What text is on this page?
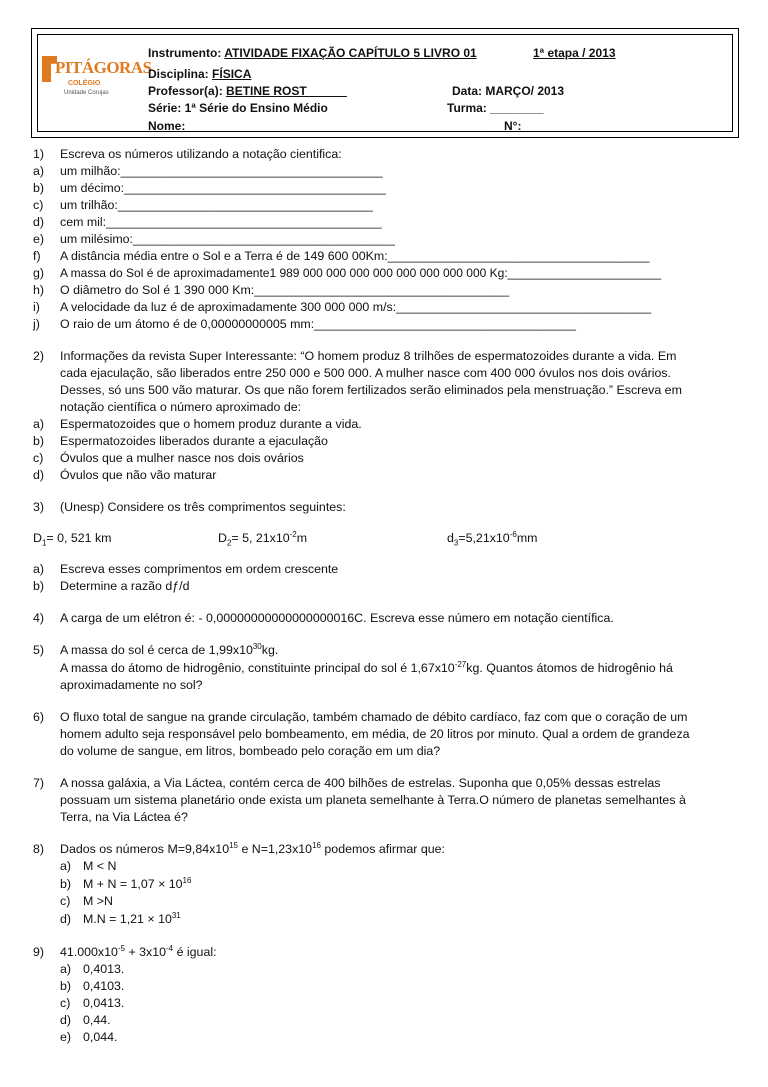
PITÁGORAS
COLÉGIO
Unidade Corujas
Instrumento: ATIVIDADE FIXAÇÃO CAPÍTULO 5 LIVRO 01	1ª etapa / 2013
Disciplina: FÍSICA
Professor(a): BETINE ROST______	Data: MARÇO/ 2013
Série: 1ª Série do Ensino Médio	Turma: ________
Nome: ____________________________________________ N°: ___________
1) Escreva os números utilizando a notação cientifica:
a) um milhão:______________________________________
b) um décimo:______________________________________
c) um trilhão:_____________________________________
d) cem mil:________________________________________
e) um milésimo:______________________________________
f) A distância média entre o Sol e a Terra é de 149 600 00Km:______________________________________
g) A massa do Sol é de aproximadamente1 989 000 000 000 000 000 000 000 000 Kg:_______________________
h) O diâmetro do Sol é 1 390 000 Km:_____________________________________
i) A velocidade da luz é de aproximadamente 300 000 000 m/s:_____________________________________
j) O raio de um átomo é de 0,00000000005 mm:______________________________________
2) Informações da revista Super Interessante: “O homem produz 8 trilhões de espermatozoides durante a vida. Em
cada ejaculação, são liberados entre 250 000 e 500 000. A mulher nasce com 400 000 óvulos nos dois ovários.
Desses, só uns 500 vão maturar. Os que não forem fertilizados serão eliminados pela menstruação.” Escreva em
notação científica o número aproximado de:
a) Espermatozoides que o homem produz durante a vida.
b) Espermatozoides liberados durante a ejaculação
c) Óvulos que a mulher nasce nos dois ovários
d) Óvulos que não vão maturar
3) (Unesp) Considere os três comprimentos seguintes:
$D_1= 0$, 521 km	$D_2= 5$, $21x10^{-2}m$	$d_3=5,21x10^{-6}mm$
a) Escreva esses comprimentos em ordem crescente
b) Determine a razão dƒ/d
4) A carga de um elétron é: - 0,00000000000000000016C. Escreva esse número em notação científica.
5) A massa do sol é cerca de $1,99x10^{30}kg$.
A massa do átomo de hidrogênio, constituinte principal do sol é $1,67x10^{-27}kg$. Quantos átomos de hidrogênio há
aproximadamente no sol?
6) O fluxo total de sangue na grande circulação, também chamado de débito cardíaco, faz com que o coração de um
homem adulto seja responsável pelo bombeamento, em média, de 20 litros por minuto. Qual a ordem de grandeza
do volume de sangue, em litros, bombeado pelo coração em um dia?
7) A nossa galáxia, a Via Láctea, contém cerca de 400 bilhões de estrelas. Suponha que 0,05% dessas estrelas
possuam um sistema planetário onde exista um planeta semelhante à Terra.O número de planetas semelhantes à
Terra, na Via Láctea é?
8) Dados os números $M=9,84x10^{15}$ e $N=1,23x10^{16}$ podemos afirmar que:
a) M < N
b) $M + N = 1,07 \times 10^{16}$
c) M >N
d) $M.N = 1,21 \times 10^{31}$
9) $41.000x10^{-5} + 3x10^{-4}$ é igual:
a) 0,4013.
b) 0,4103.
c) 0,0413.
d) 0,44.
e) 0,044.
